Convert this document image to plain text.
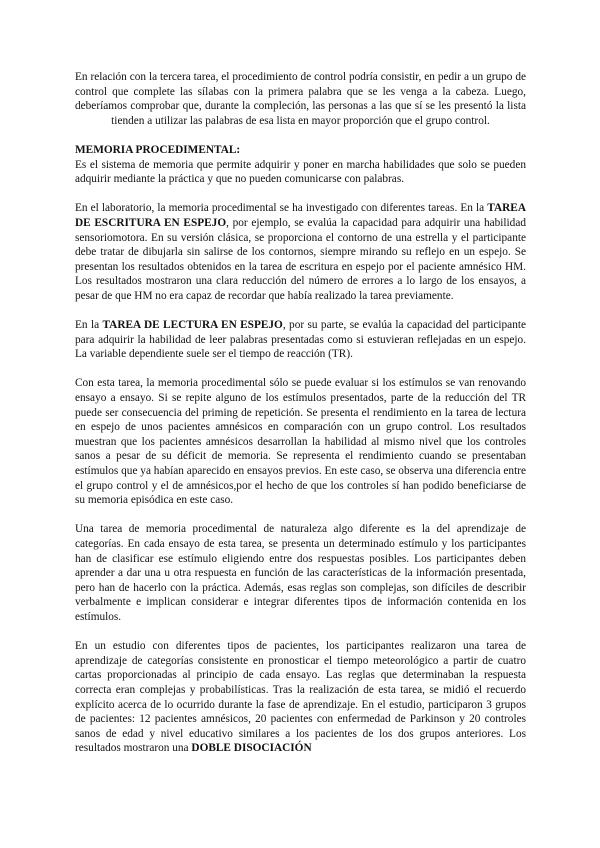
En relación con la tercera tarea, el procedimiento de control podría consistir, en pedir a un grupo de control que complete las sílabas con la primera palabra que se les venga a la cabeza. Luego, deberíamos comprobar que, durante la compleción, las personas a las que sí se les presentó la lista tienden a utilizar las palabras de esa lista en mayor proporción que el grupo control.

MEMORIA PROCEDIMENTAL:

Es el sistema de memoria que permite adquirir y poner en marcha habilidades que solo se pueden adquirir mediante la práctica y que no pueden comunicarse con palabras.

En el laboratorio, la memoria procedimental se ha investigado con diferentes tareas. En la TAREA DE ESCRITURA EN ESPEJO, por ejemplo, se evalúa la capacidad para adquirir una habilidad sensoriomotora. En su versión clásica, se proporciona el contorno de una estrella y el participante debe tratar de dibujarla sin salirse de los contornos, siempre mirando su reflejo en un espejo. Se presentan los resultados obtenidos en la tarea de escritura en espejo por el paciente amnésico HM. Los resultados mostraron una clara reducción del número de errores a lo largo de los ensayos, a pesar de que HM no era capaz de recordar que había realizado la tarea previamente.

En la TAREA DE LECTURA EN ESPEJO, por su parte, se evalúa la capacidad del participante para adquirir la habilidad de leer palabras presentadas como si estuvieran reflejadas en un espejo. La variable dependiente suele ser el tiempo de reacción (TR).

Con esta tarea, la memoria procedimental sólo se puede evaluar si los estímulos se van renovando ensayo a ensayo. Si se repite alguno de los estímulos presentados, parte de la reducción del TR puede ser consecuencia del priming de repetición. Se presenta el rendimiento en la tarea de lectura en espejo de unos pacientes amnésicos en comparación con un grupo control. Los resultados muestran que los pacientes amnésicos desarrollan la habilidad al mismo nivel que los controles sanos a pesar de su déficit de memoria. Se representa el rendimiento cuando se presentaban estímulos que ya habían aparecido en ensayos previos. En este caso, se observa una diferencia entre el grupo control y el de amnésicos,por el hecho de que los controles sí han podido beneficiarse de su memoria episódica en este caso.

Una tarea de memoria procedimental de naturaleza algo diferente es la del aprendizaje de categorías. En cada ensayo de esta tarea, se presenta un determinado estímulo y los participantes han de clasificar ese estímulo eligiendo entre dos respuestas posibles. Los participantes deben aprender a dar una u otra respuesta en función de las características de la información presentada, pero han de hacerlo con la práctica. Además, esas reglas son complejas, son difíciles de describir verbalmente e implican considerar e integrar diferentes tipos de información contenida en los estímulos.

En un estudio con diferentes tipos de pacientes, los participantes realizaron una tarea de aprendizaje de categorías consistente en pronosticar el tiempo meteorológico a partir de cuatro cartas proporcionadas al principio de cada ensayo. Las reglas que determinaban la respuesta correcta eran complejas y probabilísticas. Tras la realización de esta tarea, se midió el recuerdo explícito acerca de lo ocurrido durante la fase de aprendizaje. En el estudio, participaron 3 grupos de pacientes: 12 pacientes amnésicos, 20 pacientes con enfermedad de Parkinson y 20 controles sanos de edad y nivel educativo similares a los pacientes de los dos grupos anteriores. Los resultados mostraron una DOBLE DISOCIACIÓN
